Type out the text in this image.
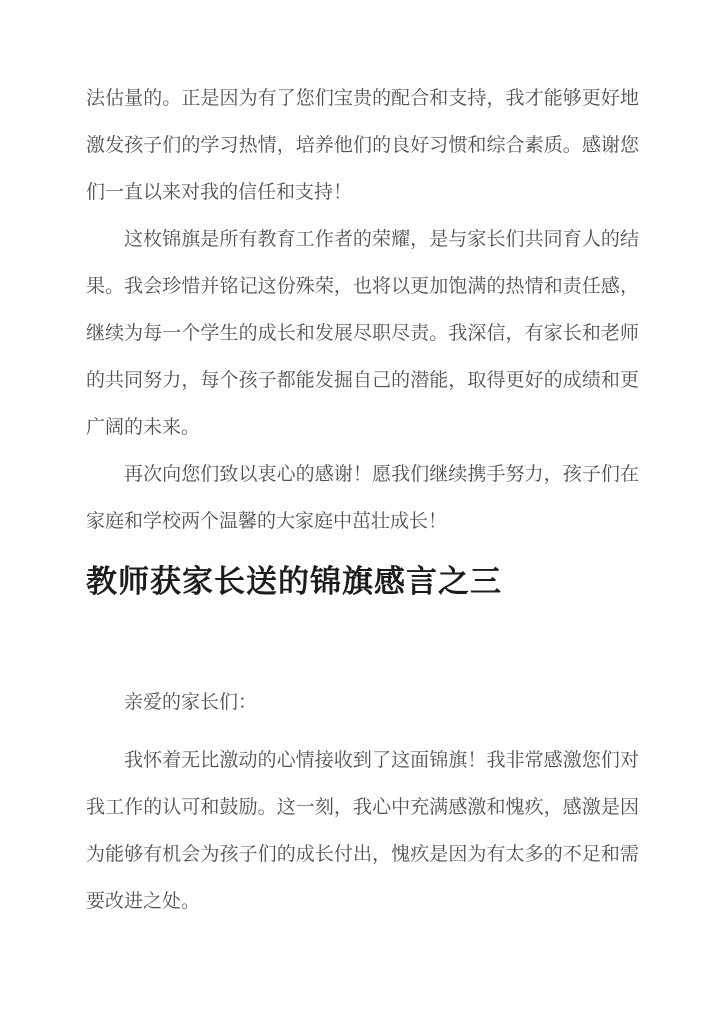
法估量的。正是因为有了您们宝贵的配合和支持，我才能够更好地激发孩子们的学习热情，培养他们的良好习惯和综合素质。感谢您们一直以来对我的信任和支持！

这枚锦旗是所有教育工作者的荣耀，是与家长们共同育人的结果。我会珍惜并铭记这份殊荣，也将以更加饱满的热情和责任感，继续为每一个学生的成长和发展尽职尽责。我深信，有家长和老师的共同努力，每个孩子都能发掘自己的潜能，取得更好的成绩和更广阔的未来。

再次向您们致以衷心的感谢！愿我们继续携手努力，孩子们在家庭和学校两个温馨的大家庭中茁壮成长！

教师获家长送的锦旗感言之三

亲爱的家长们：

我怀着无比激动的心情接收到了这面锦旗！我非常感激您们对我工作的认可和鼓励。这一刻，我心中充满感激和愧疚，感激是因为能够有机会为孩子们的成长付出，愧疚是因为有太多的不足和需要改进之处。
